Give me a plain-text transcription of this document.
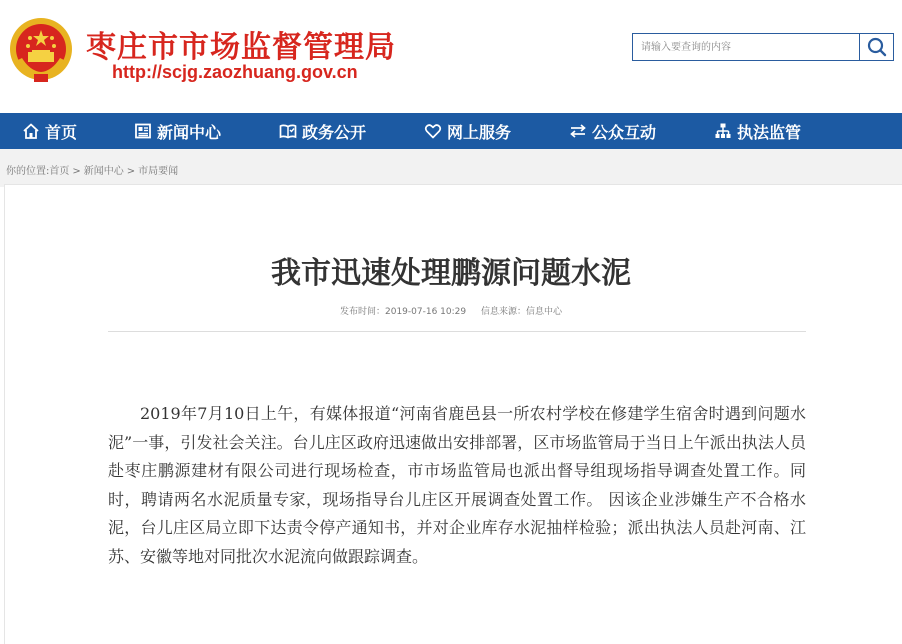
枣庄市市场监督管理局
http://scjg.zaozhuang.gov.cn
请输入要查询的内容
首页	新闻中心	政务公开	网上服务	公众互动	执法监管
你的位置:首页 > 新闻中心 > 市局要闻
我市迅速处理鹏源问题水泥
发布时间：2019-07-16 10:29 信息来源：信息中心

2019年7月10日上午，有媒体报道“河南省鹿邑县一所农村学校在修建学生宿舍时遇到问题水泥”一事，引发社会关注。台儿庄区政府迅速做出安排部署，区市场监管局于当日上午派出执法人员赴枣庄鹏源建材有限公司进行现场检查，市市场监管局也派出督导组现场指导调查处置工作。同时，聘请两名水泥质量专家，现场指导台儿庄区开展调查处置工作。 因该企业涉嫌生产不合格水泥，台儿庄区局立即下达责令停产通知书，并对企业库存水泥抽样检验；派出执法人员赴河南、江苏、安徽等地对同批次水泥流向做跟踪调查。
